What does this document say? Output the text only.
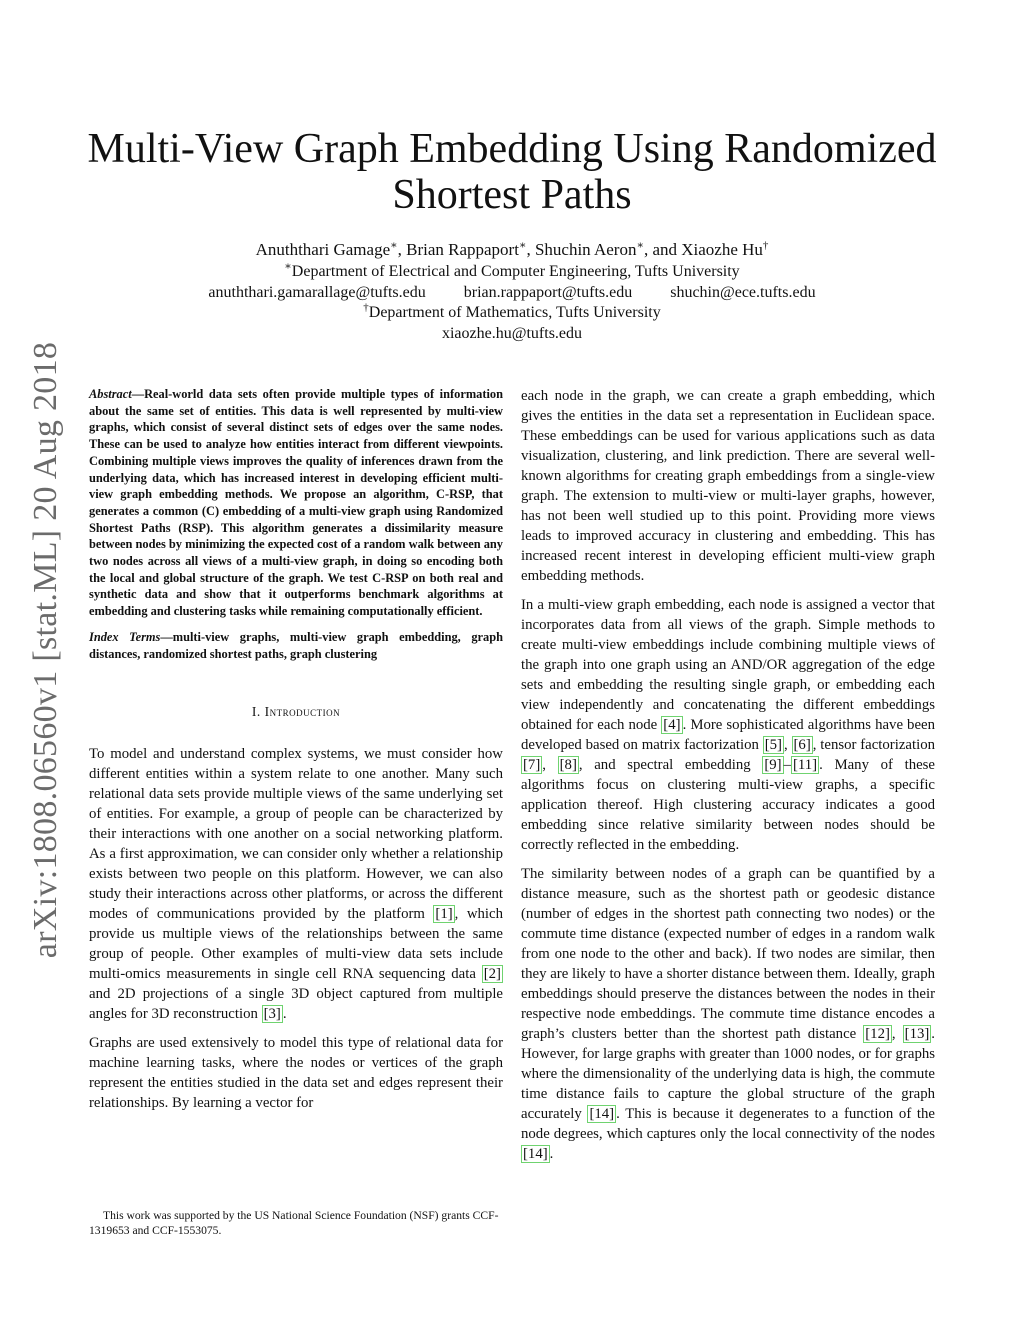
arXiv:1808.06560v1 [stat.ML] 20 Aug 2018
Multi-View Graph Embedding Using Randomized
Shortest Paths
Anuththari Gamage∗, Brian Rappaport∗, Shuchin Aeron∗, and Xiaozhe Hu†
∗Department of Electrical and Computer Engineering, Tufts University
anuththari.gamarallage@tufts.edu brian.rappaport@tufts.edu shuchin@ece.tufts.edu
†Department of Mathematics, Tufts University
xiaozhe.hu@tufts.edu

Abstract—Real-world data sets often provide multiple types of information about the same set of entities. This data is well represented by multi-view graphs, which consist of several distinct sets of edges over the same nodes. These can be used to analyze how entities interact from different viewpoints. Combining multiple views improves the quality of inferences drawn from the underlying data, which has increased interest in developing efficient multi-view graph embedding methods. We propose an algorithm, C-RSP, that generates a common (C) embedding of a multi-view graph using Randomized Shortest Paths (RSP). This algorithm generates a dissimilarity measure between nodes by minimizing the expected cost of a random walk between any two nodes across all views of a multi-view graph, in doing so encoding both the local and global structure of the graph. We test C-RSP on both real and synthetic data and show that it outperforms benchmark algorithms at embedding and clustering tasks while remaining computationally efficient.

Index Terms—multi-view graphs, multi-view graph embedding, graph distances, randomized shortest paths, graph clustering

I. Introduction

To model and understand complex systems, we must consider how different entities within a system relate to one another. Many such relational data sets provide multiple views of the same underlying set of entities. For example, a group of people can be characterized by their interactions with one another on a social networking platform. As a first approximation, we can consider only whether a relationship exists between two people on this platform. However, we can also study their interactions across other platforms, or across the different modes of communications provided by the platform [1] , which provide us multiple views of the relationships between the same group of people. Other examples of multi-view data sets include multi-omics measurements in single cell RNA sequencing data [2] and 2D projections of a single 3D object captured from multiple angles for 3D reconstruction [3] .

Graphs are used extensively to model this type of relational data for machine learning tasks, where the nodes or vertices of the graph represent the entities studied in the data set and edges represent their relationships. By learning a vector for

each node in the graph, we can create a graph embedding, which gives the entities in the data set a representation in Euclidean space. These embeddings can be used for various applications such as data visualization, clustering, and link prediction. There are several well-known algorithms for creating graph embeddings from a single-view graph. The extension to multi-view or multi-layer graphs, however, has not been well studied up to this point. Providing more views leads to improved accuracy in clustering and embedding. This has increased recent interest in developing efficient multi-view graph embedding methods.

In a multi-view graph embedding, each node is assigned a vector that incorporates data from all views of the graph. Simple methods to create multi-view embeddings include combining multiple views of the graph into one graph using an AND/OR aggregation of the edge sets and embedding the resulting single graph, or embedding each view independently and concatenating the different embeddings obtained for each node [4] . More sophisticated algorithms have been developed based on matrix factorization [5] , [6] , tensor factorization [7] , [8] , and spectral embedding [9] – [11] . Many of these algorithms focus on clustering multi-view graphs, a specific application thereof. High clustering accuracy indicates a good embedding since relative similarity between nodes should be correctly reflected in the embedding.

The similarity between nodes of a graph can be quantified by a distance measure, such as the shortest path or geodesic distance (number of edges in the shortest path connecting two nodes) or the commute time distance (expected number of edges in a random walk from one node to the other and back). If two nodes are similar, then they are likely to have a shorter distance between them. Ideally, graph embeddings should preserve the distances between the nodes in their respective node embeddings. The commute time distance encodes a graph’s clusters better than the shortest path distance [12] , [13] . However, for large graphs with greater than 1000 nodes, or for graphs where the dimensionality of the underlying data is high, the commute time distance fails to capture the global structure of the graph accurately [14] . This is because it degenerates to a function of the node degrees, which captures only the local connectivity of the nodes [14] .

This work was supported by the US National Science Foundation (NSF) grants CCF-1319653 and CCF-1553075.
